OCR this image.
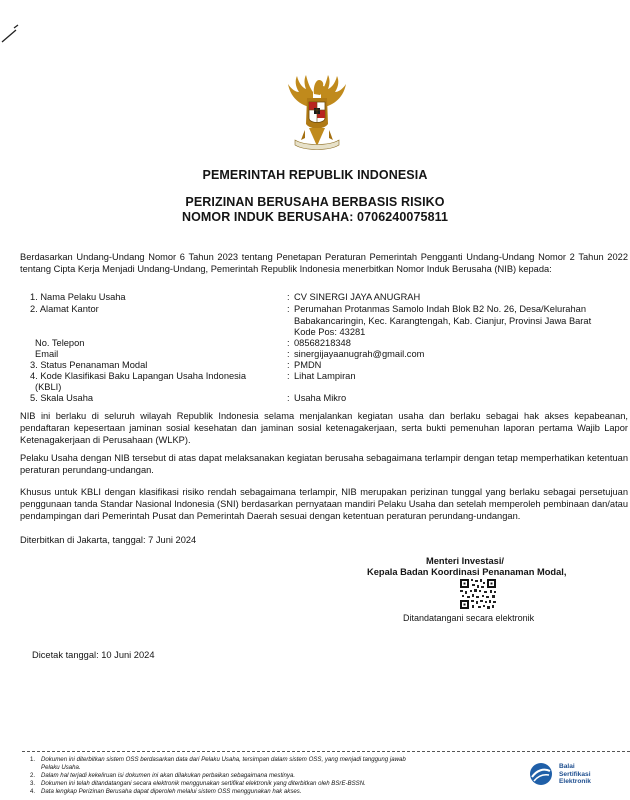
PEMERINTAH REPUBLIK INDONESIA
PERIZINAN BERUSAHA BERBASIS RISIKO
NOMOR INDUK BERUSAHA: 0706240075811
Berdasarkan Undang-Undang Nomor 6 Tahun 2023 tentang Penetapan Peraturan Pemerintah Pengganti Undang-Undang Nomor 2 Tahun 2022 tentang Cipta Kerja Menjadi Undang-Undang, Pemerintah Republik Indonesia menerbitkan Nomor Induk Berusaha (NIB) kepada:
1. Nama Pelaku Usaha	: CV SINERGI JAYA ANUGRAH
2. Alamat Kantor	: Perumahan Protanmas Samolo Indah Blok B2 No. 26, Desa/Kelurahan
Babakancaringin, Kec. Karangtengah, Kab. Cianjur, Provinsi Jawa Barat
Kode Pos: 43281
No. Telepon	: 08568218348
Email	: sinergijayaanugrah@gmail.com
3. Status Penanaman Modal	: PMDN
4. Kode Klasifikasi Baku Lapangan Usaha Indonesia
(KBLI)
: Lihat Lampiran
5. Skala Usaha	: Usaha Mikro
NIB ini berlaku di seluruh wilayah Republik Indonesia selama menjalankan kegiatan usaha dan berlaku sebagai hak akses kepabeanan, pendaftaran kepesertaan jaminan sosial kesehatan dan jaminan sosial ketenagakerjaan, serta bukti pemenuhan laporan pertama Wajib Lapor Ketenagakerjaan di Perusahaan (WLKP).
Pelaku Usaha dengan NIB tersebut di atas dapat melaksanakan kegiatan berusaha sebagaimana terlampir dengan tetap memperhatikan ketentuan peraturan perundang-undangan.
Khusus untuk KBLI dengan klasifikasi risiko rendah sebagaimana terlampir, NIB merupakan perizinan tunggal yang berlaku sebagai persetujuan penggunaan tanda Standar Nasional Indonesia (SNI) berdasarkan pernyataan mandiri Pelaku Usaha dan setelah memperoleh pembinaan dan/atau pendampingan dari Pemerintah Pusat dan Pemerintah Daerah sesuai dengan ketentuan peraturan perundang-undangan.
Diterbitkan di Jakarta, tanggal: 7 Juni 2024
Menteri Investasi/
Kepala Badan Koordinasi Penanaman Modal,
Ditandatangani secara elektronik
Dicetak tanggal: 10 Juni 2024
1. Dokumen ini diterbitkan sistem OSS berdasarkan data dari Pelaku Usaha, tersimpan dalam sistem OSS, yang menjadi tanggung jawab
Pelaku Usaha.
2. Dalam hal terjadi kekeliruan isi dokumen ini akan dilakukan perbaikan sebagaimana mestinya.
3. Dokumen ini telah ditandatangani secara elektronik menggunakan sertifikat elektronik yang diterbitkan oleh BSrE-BSSN.
4. Data lengkap Perizinan Berusaha dapat diperoleh melalui sistem OSS menggunakan hak akses.
Balai
Sertifikasi
Elektronik
